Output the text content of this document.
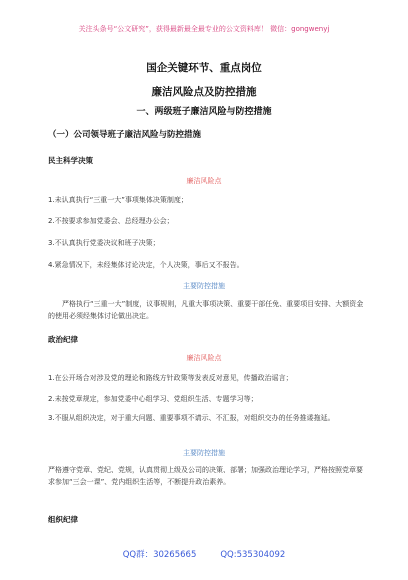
关注头条号“公文研究”，获得最新最全最专业的公文资料库！ 微信：gongwenyj
国企关键环节、重点岗位
廉洁风险点及防控措施
一、两级班子廉洁风险与防控措施
（一）公司领导班子廉洁风险与防控措施
民主科学决策
廉洁风险点
1.未认真执行“三重一大”事项集体决策制度；
2.不按要求参加党委会、总经理办公会；
3.不认真执行党委决议和班子决策；
4.紧急情况下，未经集体讨论决定，个人决策，事后又不报告。
主要防控措施
严格执行“三重一大”制度，议事规则，凡重大事项决策、重要干部任免、重要项目安排、大额资金的使用必须经集体讨论做出决定。
政治纪律
廉洁风险点
1.在公开场合对涉及党的理论和路线方针政策等发表反对意见，传播政治谣言；
2.未按党章规定，参加党委中心组学习、党组织生活、专题学习等；
3.不服从组织决定，对于重大问题、重要事项不请示、不汇报，对组织交办的任务推诿拖延。
主要防控措施
严格遵守党章、党纪、党规，认真贯彻上级及公司的决策、部署；加强政治理论学习，严格按照党章要求参加“三会一课”、党内组织生活等，不断提升政治素养。
组织纪律
QQ群：30265665	QQ:535304092
